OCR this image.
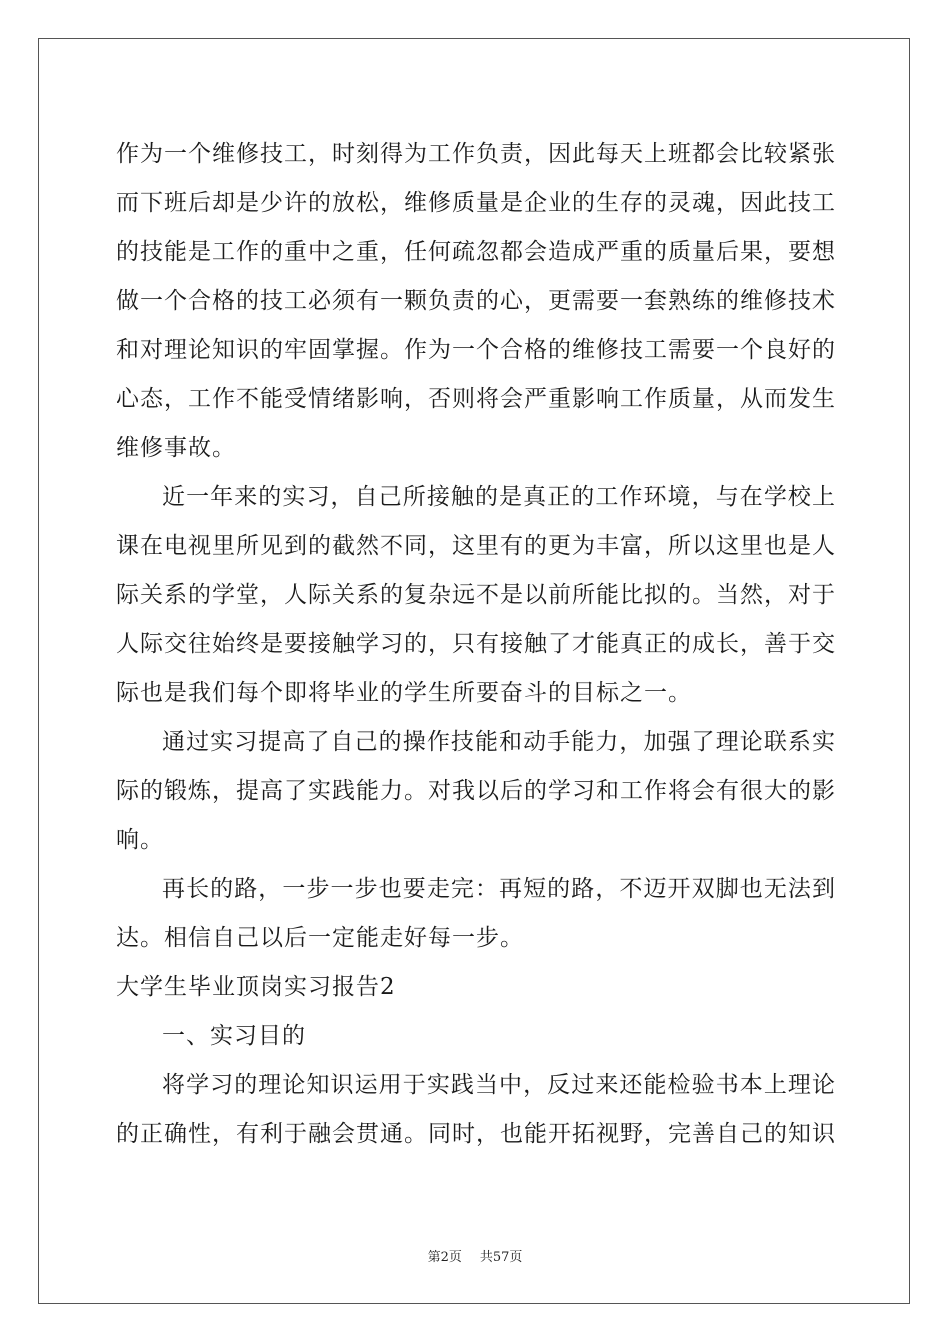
作为一个维修技工，时刻得为工作负责，因此每天上班都会比较紧张
而下班后却是少许的放松，维修质量是企业的生存的灵魂，因此技工
的技能是工作的重中之重，任何疏忽都会造成严重的质量后果，要想
做一个合格的技工必须有一颗负责的心，更需要一套熟练的维修技术
和对理论知识的牢固掌握。作为一个合格的维修技工需要一个良好的
心态，工作不能受情绪影响，否则将会严重影响工作质量，从而发生
维修事故。
近一年来的实习，自己所接触的是真正的工作环境，与在学校上
课在电视里所见到的截然不同，这里有的更为丰富，所以这里也是人
际关系的学堂，人际关系的复杂远不是以前所能比拟的。当然，对于
人际交往始终是要接触学习的，只有接触了才能真正的成长，善于交
际也是我们每个即将毕业的学生所要奋斗的目标之一。
通过实习提高了自己的操作技能和动手能力，加强了理论联系实
际的锻炼，提高了实践能力。对我以后的学习和工作将会有很大的影
响。
再长的路，一步一步也要走完：再短的路，不迈开双脚也无法到
达。相信自己以后一定能走好每一步。
大学生毕业顶岗实习报告2
一、实习目的
将学习的理论知识运用于实践当中，反过来还能检验书本上理论
的正确性，有利于融会贯通。同时，也能开拓视野，完善自己的知识
第2页 共57页
